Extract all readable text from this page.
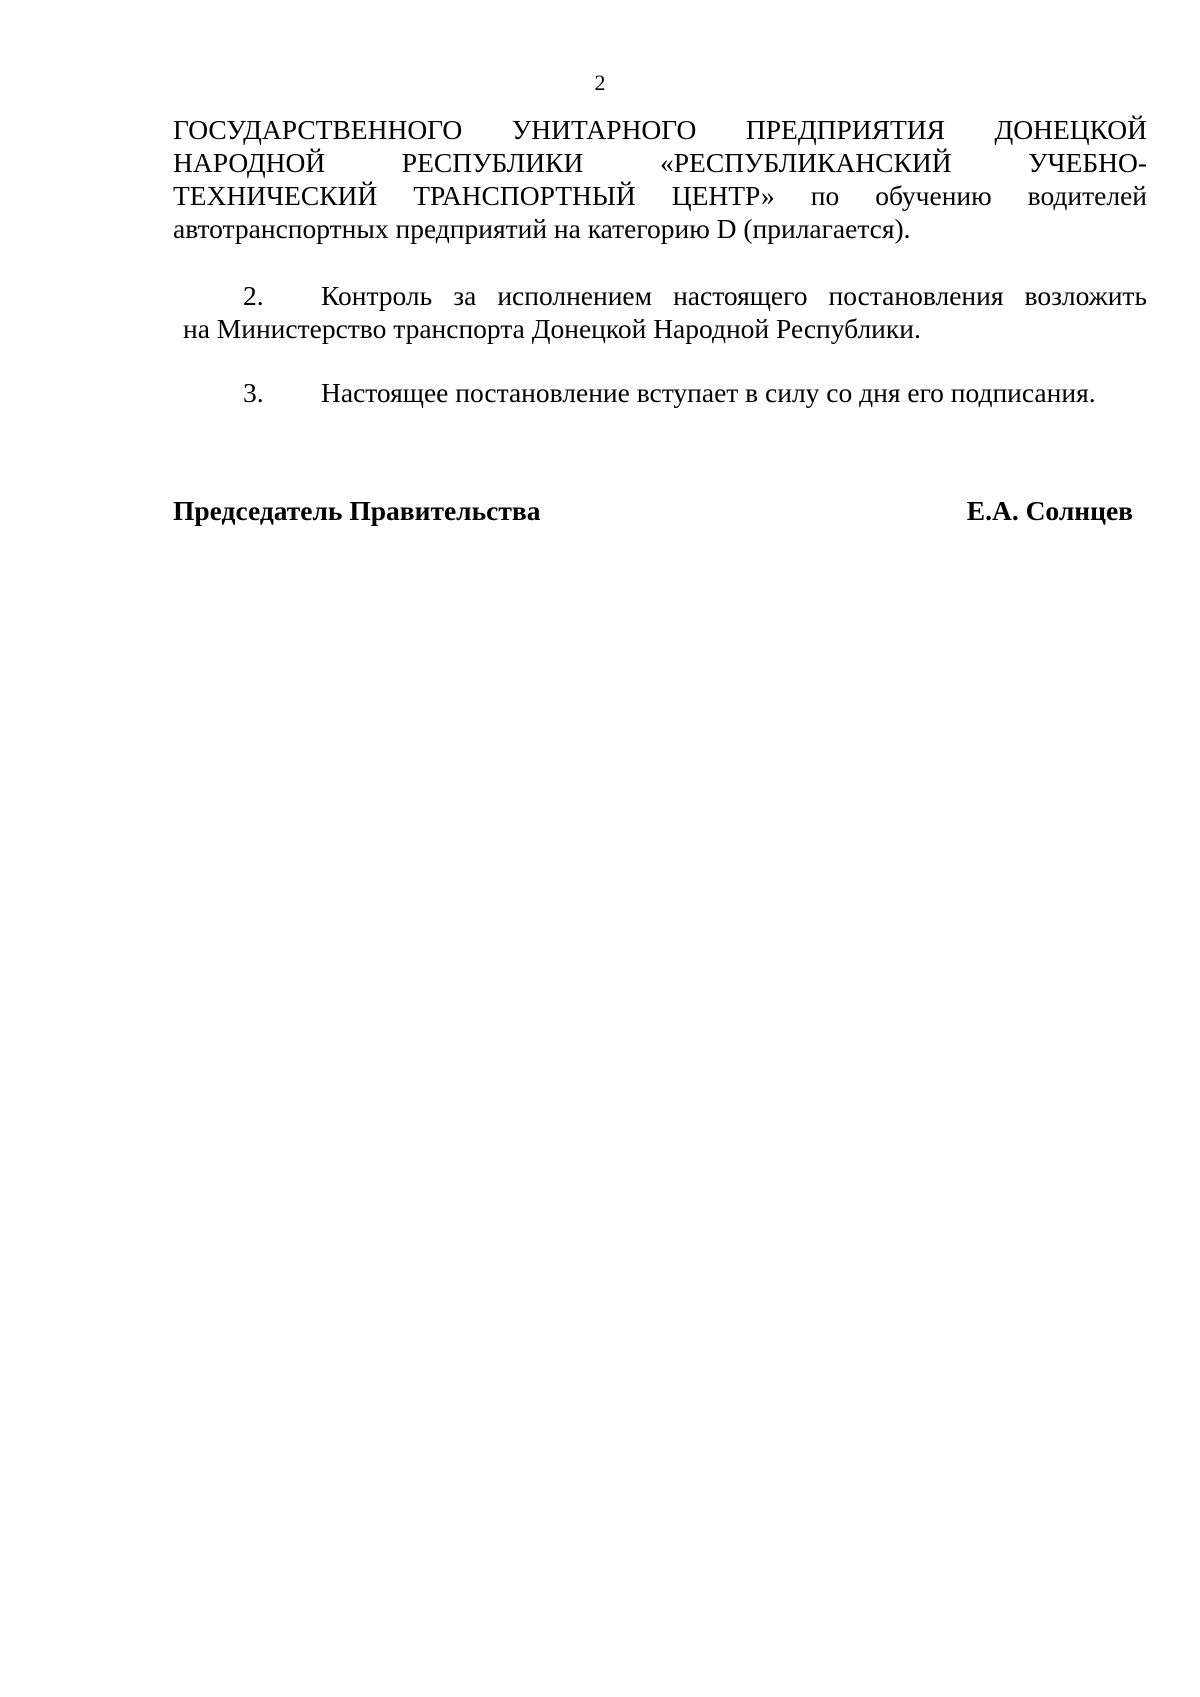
2
ГОСУДАРСТВЕННОГО УНИТАРНОГО ПРЕДПРИЯТИЯ ДОНЕЦКОЙ
НАРОДНОЙ РЕСПУБЛИКИ «РЕСПУБЛИКАНСКИЙ УЧЕБНО-
ТЕХНИЧЕСКИЙ ТРАНСПОРТНЫЙ ЦЕНТР» по обучению водителей
автотранспортных предприятий на категорию D (прилагается).
2.	Контроль за исполнением настоящего постановления возложить
на Министерство транспорта Донецкой Народной Республики.
3.	Настоящее постановление вступает в силу со дня его подписания.
Председатель Правительства	Е.А. Солнцев
